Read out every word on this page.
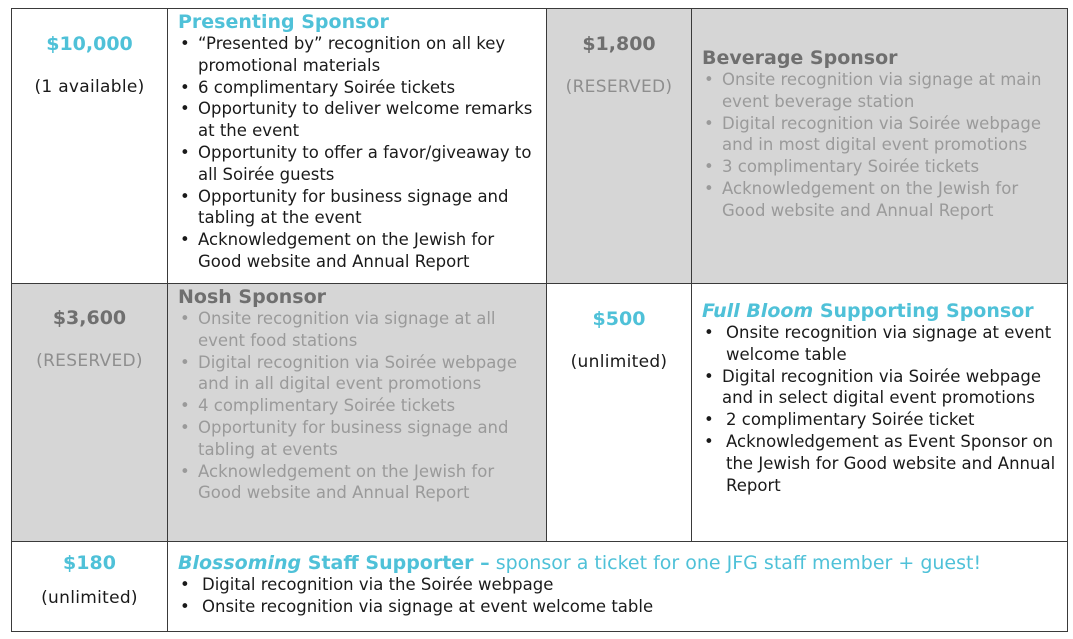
$10,000
(1 available)
Presenting Sponsor
• “Presented by” recognition on all key promotional materials
• 6 complimentary Soirée tickets
• Opportunity to deliver welcome remarks at the event
• Opportunity to offer a favor/giveaway to all Soirée guests
• Opportunity for business signage and tabling at the event
• Acknowledgement on the Jewish for Good website and Annual Report
$1,800
(RESERVED)
Beverage Sponsor
• Onsite recognition via signage at main event beverage station
• Digital recognition via Soirée webpage and in most digital event promotions
• 3 complimentary Soirée tickets
• Acknowledgement on the Jewish for Good website and Annual Report
$3,600
(RESERVED)
Nosh Sponsor
• Onsite recognition via signage at all event food stations
• Digital recognition via Soirée webpage and in all digital event promotions
• 4 complimentary Soirée tickets
• Opportunity for business signage and tabling at events
• Acknowledgement on the Jewish for Good website and Annual Report
$500
(unlimited)
Full Bloom Supporting Sponsor
• Onsite recognition via signage at event welcome table
• Digital recognition via Soirée webpage and in select digital event promotions
• 2 complimentary Soirée ticket
• Acknowledgement as Event Sponsor on the Jewish for Good website and Annual Report
$180
(unlimited)
Blossoming Staff Supporter – sponsor a ticket for one JFG staff member + guest!
• Digital recognition via the Soirée webpage
• Onsite recognition via signage at event welcome table
